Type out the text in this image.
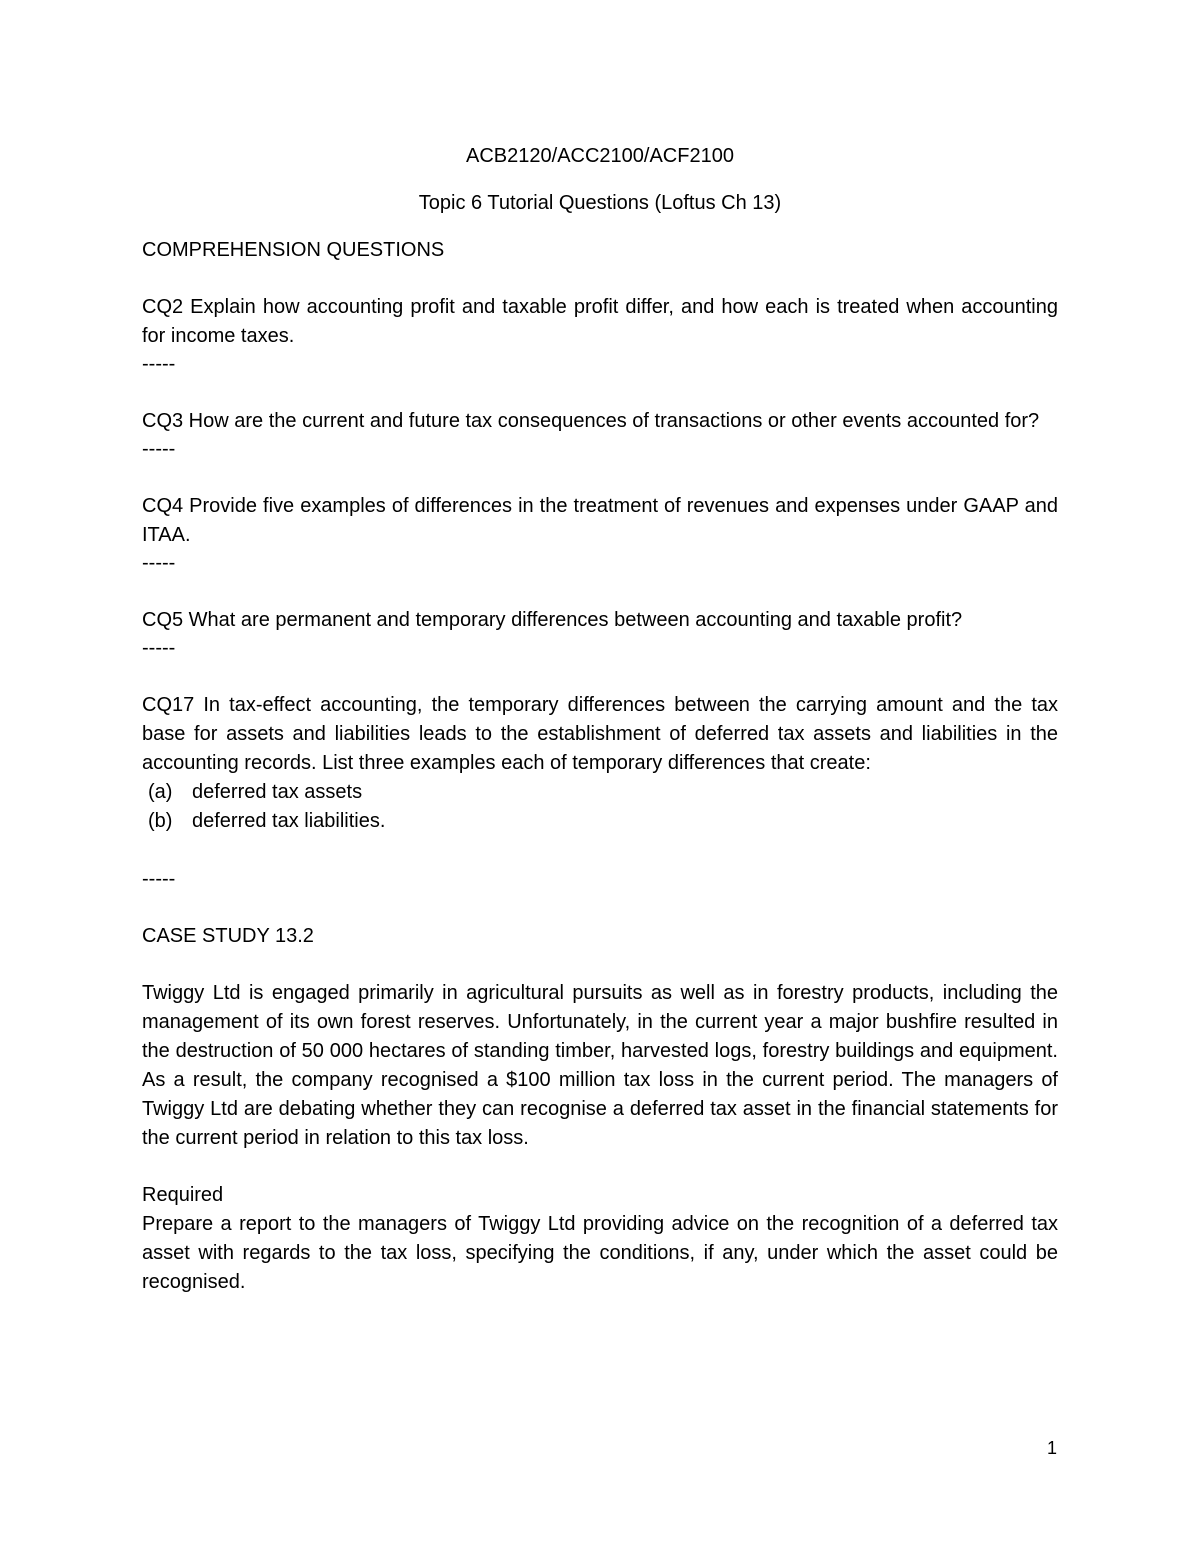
ACB2120/ACC2100/ACF2100

Topic 6 Tutorial Questions (Loftus Ch 13)

COMPREHENSION QUESTIONS

CQ2 Explain how accounting profit and taxable profit differ, and how each is treated when accounting for income taxes.

-----

CQ3 How are the current and future tax consequences of transactions or other events accounted for?

-----

CQ4 Provide five examples of differences in the treatment of revenues and expenses under GAAP and ITAA.

-----

CQ5 What are permanent and temporary differences between accounting and taxable profit?

-----

CQ17 In tax-effect accounting, the temporary differences between the carrying amount and the tax base for assets and liabilities leads to the establishment of deferred tax assets and liabilities in the accounting records. List three examples each of temporary differences that create:

(a) deferred tax assets
(b) deferred tax liabilities.

-----

CASE STUDY 13.2

Twiggy Ltd is engaged primarily in agricultural pursuits as well as in forestry products, including the management of its own forest reserves. Unfortunately, in the current year a major bushfire resulted in the destruction of 50 000 hectares of standing timber, harvested logs, forestry buildings and equipment. As a result, the company recognised a $100 million tax loss in the current period. The managers of Twiggy Ltd are debating whether they can recognise a deferred tax asset in the financial statements for the current period in relation to this tax loss.

Required

Prepare a report to the managers of Twiggy Ltd providing advice on the recognition of a deferred tax asset with regards to the tax loss, specifying the conditions, if any, under which the asset could be recognised.

1
